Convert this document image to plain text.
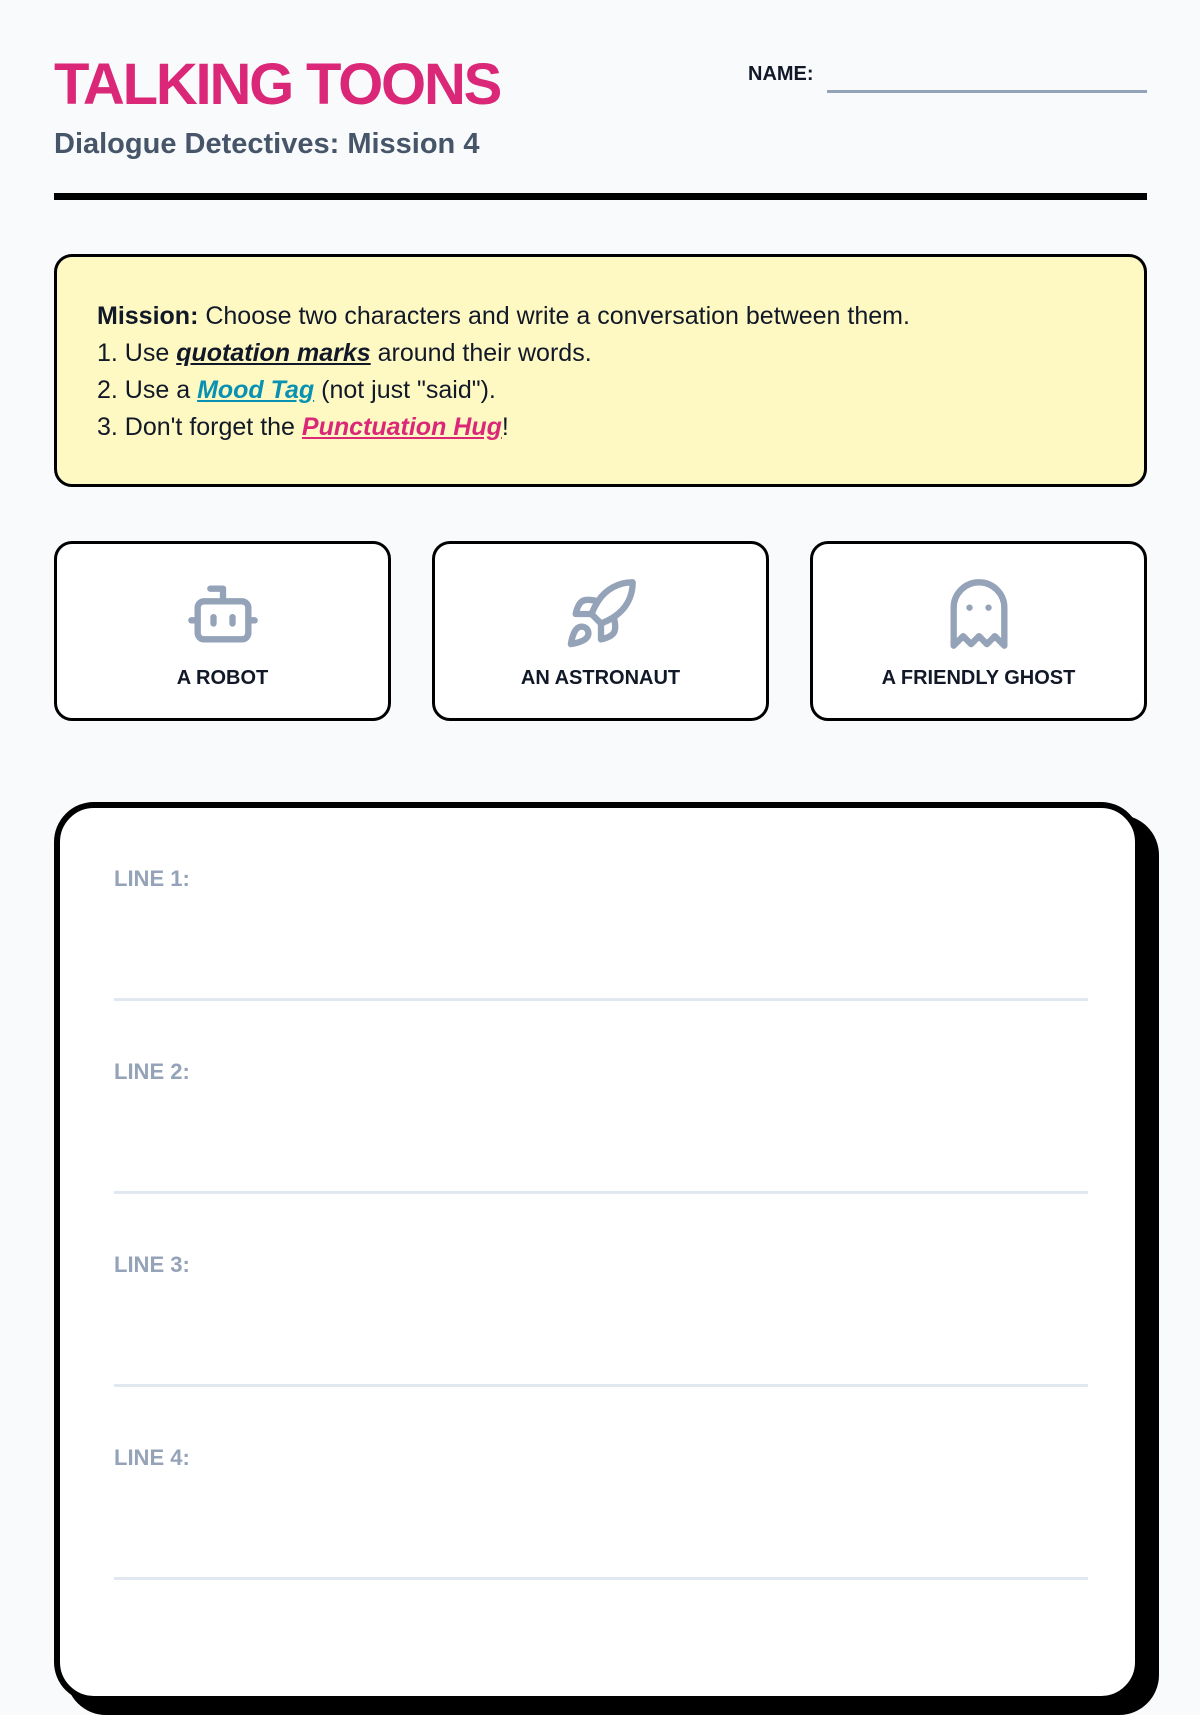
TALKING TOONS
Dialogue Detectives: Mission 4
NAME:
Mission: Choose two characters and write a conversation between them.
1. Use quotation marks around their words.
2. Use a Mood Tag (not just "said").
3. Don't forget the Punctuation Hug!
A ROBOT	AN ASTRONAUT	A FRIENDLY GHOST
LINE 1:
LINE 2:
LINE 3:
LINE 4:
